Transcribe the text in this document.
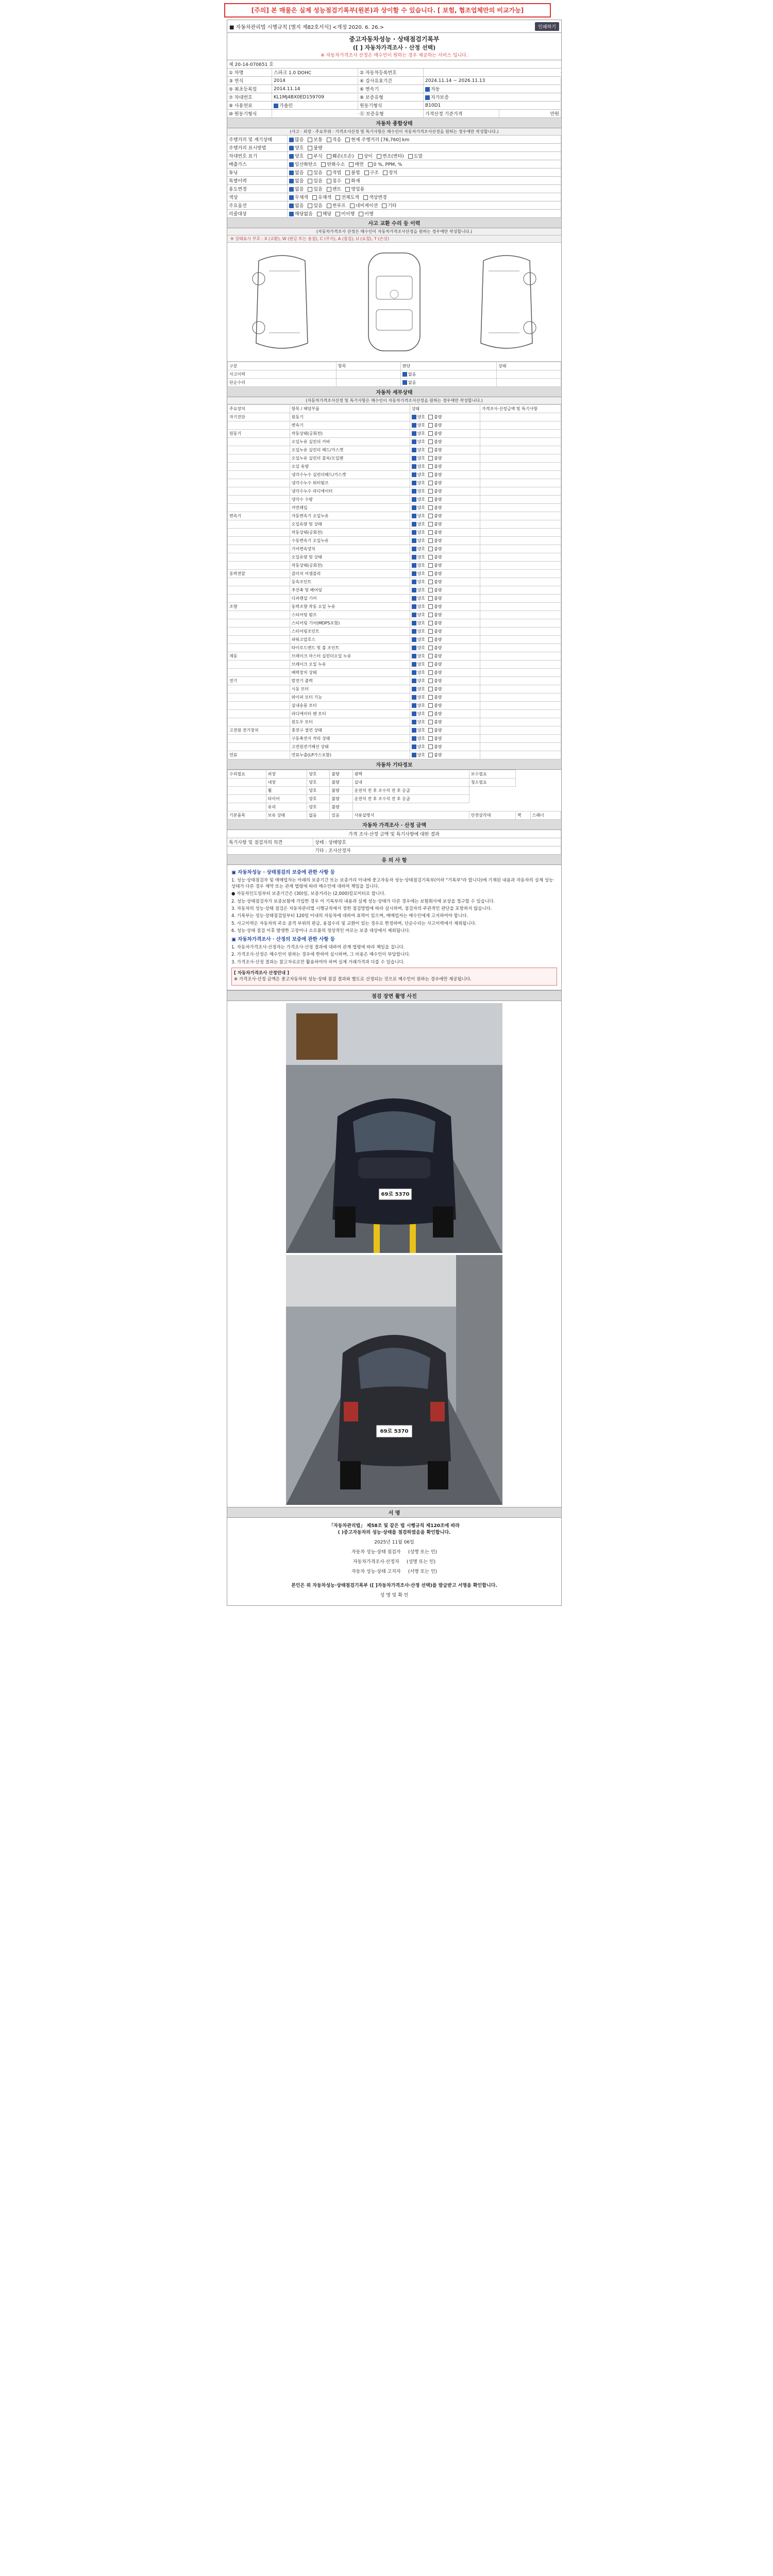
[주의] 본 매물은 실제 성능점검기록부(원본)과 상이할 수 있습니다. [ 보험, 협조업체만의 비교가능]
■ 자동차관리법 시행규칙 [별지 제82호서식] <개정 2020. 6. 26.>	인쇄하기
중고자동차성능 · 상태점검기록부
([ ] 자동차가격조사 · 산정 선택)
※ 자동차가격조사 산정은 매수인이 원하는 경우 제공하는 서비스 입니다.
제 20-14-070651 호
① 차명	스파크 1.0 DOHC	② 자동차등록번호
③ 연식	2014	④ 검사유효기간	2024.11.14 ~ 2026.11.13
⑤ 최초등록일	2014.11.14	⑥ 변속기	자동
⑦ 차대번호	KL1MJ4BX0ED159709	⑧ 보증유형	자가보증
⑨ 사용연료	가솔린	원동기형식	B10D1
⑩ 원동기형식	⑪ 보증유형	가격산정 기준가격	만원
자동차 종합상태
(사고 · 외장 · 주요부위 · 가격조사산정 및 특기사항은 매수인이 자동차가격조사산정을 원하는 경우에만 작성합니다.)
주행거리 및 계기상태	많음 보통 적음 현재 주행거리 [76,760] km
주행거리 표시방법	양호 불량
차대번호 표기	양호 부식 훼손(오손) 상이 변조(변타) 도말
배출가스	일산화탄소 탄화수소 매연 0 %, PPM, %
튜닝	없음 있음 적법 불법 구조 장치
특별이력	없음 있음 침수 화재
용도변경	없음 있음 렌트 영업용
색상	무채색 유채색 전체도색 색상변경
주요옵션	없음 있음 썬루프 네비게이션 기타
리콜대상	해당없음 해당 미이행 이행
사고 교환 수리 등 이력
(자동차가격조사 산정은 매수인이 자동차가격조사산정을 원하는 경우에만 작성합니다.)
※ 상태표시 부호 : X (교환), W (판금 또는 용접), C (부식), A (흠집), U (요철), T (손상)
구분	항목	판단	상태
사고이력		없음	
단순수리		없음	
자동차 세부상태
(자동차가격조사산정 및 특기사항은 매수인이 자동차가격조사산정을 원하는 경우에만 작성합니다.)
주요장치	항목 / 해당부품	상태	가격조사·산정금액 및 특기사항
자기진단	원동기	양호 불량	
	변속기	양호 불량	
원동기	작동상태(공회전)	양호 불량	
	오일누유 실린더 커버	양호 불량	
	오일누유 실린더 헤드/가스켓	양호 불량	
	오일누유 실린더 블록/오일팬	양호 불량	
	오일 유량	양호 불량	
	냉각수누수 실린더헤드/가스켓	양호 불량	
	냉각수누수 워터펌프	양호 불량	
	냉각수누수 라디에이터	양호 불량	
	냉각수 수량	양호 불량	
	커먼레일	양호 불량	
변속기	자동변속기 오일누유	양호 불량	
	오일유량 및 상태	양호 불량	
	작동상태(공회전)	양호 불량	
	수동변속기 오일누유	양호 불량	
	기어변속장치	양호 불량	
	오일유량 및 상태	양호 불량	
	작동상태(공회전)	양호 불량	
동력전달	클러치 어셈블리	양호 불량	
	등속조인트	양호 불량	
	추진축 및 베어링	양호 불량	
	디퍼렌셜 기어	양호 불량	
조향	동력조향 작동 오일 누유	양호 불량	
	스티어링 펌프	양호 불량	
	스티어링 기어(MDPS포함)	양호 불량	
	스티어링조인트	양호 불량	
	파워고압호스	양호 불량	
	타이로드엔드 및 볼 조인트	양호 불량	
제동	브레이크 마스터 실린더오일 누유	양호 불량	
	브레이크 오일 누유	양호 불량	
	배력장치 상태	양호 불량	
전기	발전기 출력	양호 불량	
	시동 모터	양호 불량	
	와이퍼 모터 기능	양호 불량	
	실내송풍 모터	양호 불량	
	라디에이터 팬 모터	양호 불량	
	윈도우 모터	양호 불량	
고전원 전기장치	충전구 절연 상태	양호 불량	
	구동축전지 격리 상태	양호 불량	
	고전원전기배선 상태	양호 불량	
연료	연료누출(LP가스포함)	양호 불량	
자동차 기타정보
수리필요	외장	양호	불량	광택	보수필요		
	내장	양호	불량	실내	청소필요		
	휠	양호	불량	운전석 전 후 조수석 전 후 응급			
	타이어	양호	불량	운전석 전 후 조수석 전 후 응급			
	유리	양호	불량				
기본품목	보유 상태	없음	있음	사용설명서	안전삼각대	잭	스패너
자동차 가격조사 · 산정 금액
가격 조사·산정 금액 및 특기사항에 대한 결과
특기사항 및 점검자의 의견	상태 : 상태양호
기타 : 조사산정자
유 의 사 항
▣ 자동차성능 · 상태점검의 보증에 관한 사항 등

1. 성능·상태점검자 및 매매업자는 아래의 보증기간 또는 보증거리 이내에 중고자동차 성능·상태점검기록부(이하 "기록부"라 합니다)에 기재된 내용과 자동차의 실제 성능·상태가 다른 경우 계약 또는 관계 법령에 따라 매수인에 대하여 책임을 집니다.

● 자동차인도일부터 보증기간은 (30)일, 보증거리는 (2,000)킬로미터로 합니다.

2. 성능·상태점검자가 보증보험에 가입한 경우 이 기록부의 내용과 실제 성능·상태가 다른 경우에는 보험회사에 보상을 청구할 수 있습니다.

3. 자동차의 성능·상태 점검은 자동차관리법 시행규칙에서 정한 점검방법에 따라 실시하며, 점검자의 주관적인 판단을 포함하지 않습니다.

4. 기록부는 성능·상태점검일부터 120일 이내의 자동차에 대하여 효력이 있으며, 매매업자는 매수인에게 고지하여야 합니다.

5. 사고이력은 자동차의 주요 골격 부위의 판금, 용접수리 및 교환이 있는 경우로 한정하며, 단순수리는 사고이력에서 제외됩니다.

6. 성능·상태 점검 이후 발생한 고장이나 소모품의 정상적인 마모는 보증 대상에서 제외됩니다.

▣ 자동차가격조사 · 산정의 보증에 관한 사항 등

1. 자동차가격조사·산정자는 가격조사·산정 결과에 대하여 관계 법령에 따라 책임을 집니다.

2. 가격조사·산정은 매수인이 원하는 경우에 한하여 실시하며, 그 비용은 매수인이 부담합니다.

3. 가격조사·산정 결과는 참고자료로만 활용하여야 하며 실제 거래가격과 다를 수 있습니다.

[ 자동차가격조사 산정안내 ]
※ 가격조사·산정 금액은 중고자동차의 성능·상태 점검 결과와 별도로 산정되는 것으로 매수인이 원하는 경우에만 제공됩니다.
점검 장면 촬영 사진
69로 5370
69로 5370
서 명
「자동차관리법」 제58조 및 같은 법 시행규칙 제120조에 따라
( )중고자동차의 성능·상태를 점검하였음을 확인합니다.
2025년 11월 06일
자동차 성능·상태 점검자 (성명 또는 인)
자동차가격조사·산정자 (성명 또는 인)
자동차 성능·상태 고지자 (서명 또는 인)
본인은 위 자동차성능·상태점검기록부 ([ ]자동차가격조사·산정 선택)를 발급받고 서명을 확인합니다.
성 명 및 확 인
